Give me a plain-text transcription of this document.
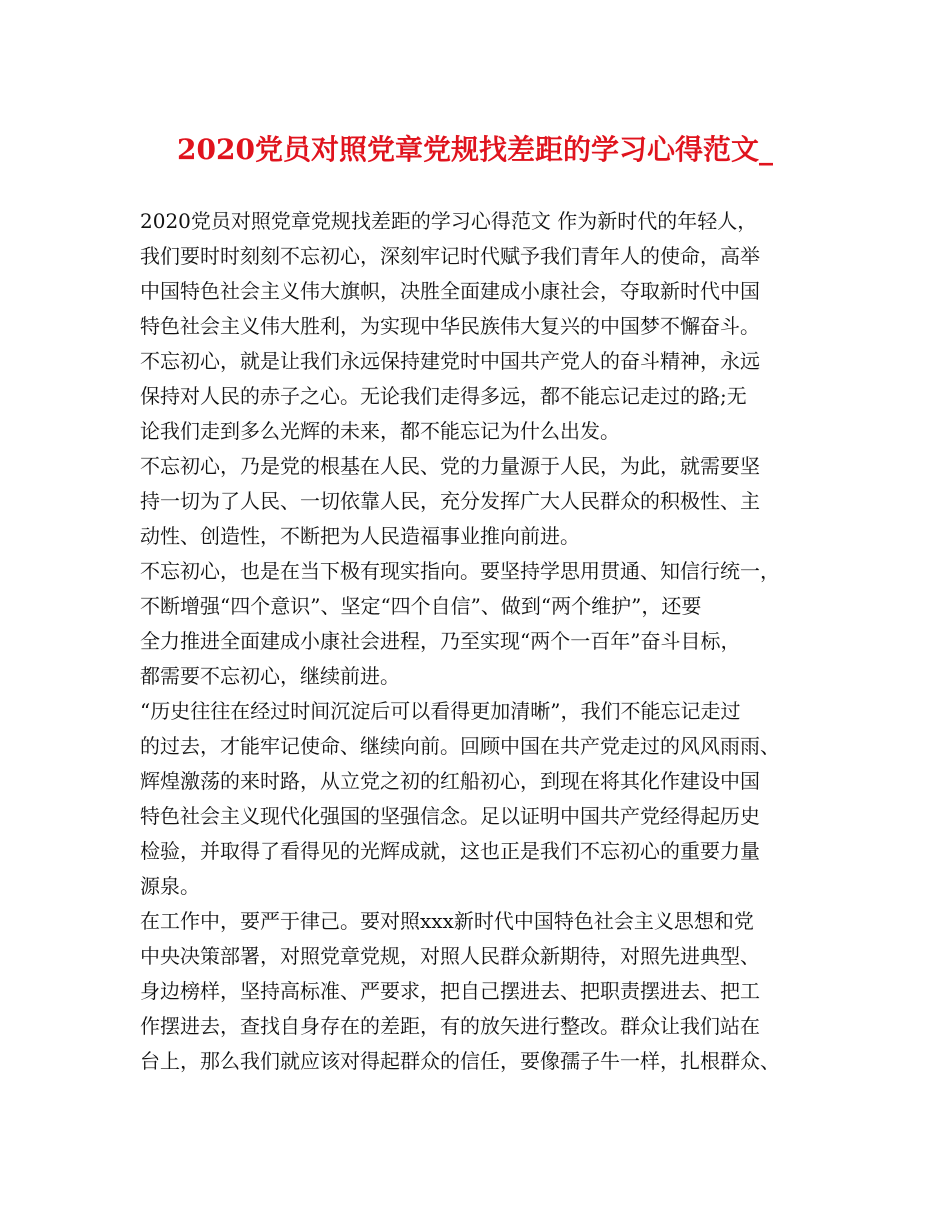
2020党员对照党章党规找差距的学习心得范文_
2020党员对照党章党规找差距的学习心得范文 作为新时代的年轻人，
我们要时时刻刻不忘初心，深刻牢记时代赋予我们青年人的使命，高举
中国特色社会主义伟大旗帜，决胜全面建成小康社会，夺取新时代中国
特色社会主义伟大胜利，为实现中华民族伟大复兴的中国梦不懈奋斗。
不忘初心，就是让我们永远保持建党时中国共产党人的奋斗精神，永远
保持对人民的赤子之心。无论我们走得多远，都不能忘记走过的路;无
论我们走到多么光辉的未来，都不能忘记为什么出发。
不忘初心，乃是党的根基在人民、党的力量源于人民，为此，就需要坚
持一切为了人民、一切依靠人民，充分发挥广大人民群众的积极性、主
动性、创造性，不断把为人民造福事业推向前进。
不忘初心，也是在当下极有现实指向。要坚持学思用贯通、知信行统一，
不断增强“四个意识”、坚定“四个自信”、做到“两个维护”，还要
全力推进全面建成小康社会进程，乃至实现“两个一百年”奋斗目标，
都需要不忘初心，继续前进。
“历史往往在经过时间沉淀后可以看得更加清晰”，我们不能忘记走过
的过去，才能牢记使命、继续向前。回顾中国在共产党走过的风风雨雨、
辉煌激荡的来时路，从立党之初的红船初心，到现在将其化作建设中国
特色社会主义现代化强国的坚强信念。足以证明中国共产党经得起历史
检验，并取得了看得见的光辉成就，这也正是我们不忘初心的重要力量
源泉。
在工作中，要严于律己。要对照xxx新时代中国特色社会主义思想和党
中央决策部署，对照党章党规，对照人民群众新期待，对照先进典型、
身边榜样，坚持高标准、严要求，把自己摆进去、把职责摆进去、把工
作摆进去，查找自身存在的差距，有的放矢进行整改。群众让我们站在
台上，那么我们就应该对得起群众的信任，要像孺子牛一样，扎根群众、
